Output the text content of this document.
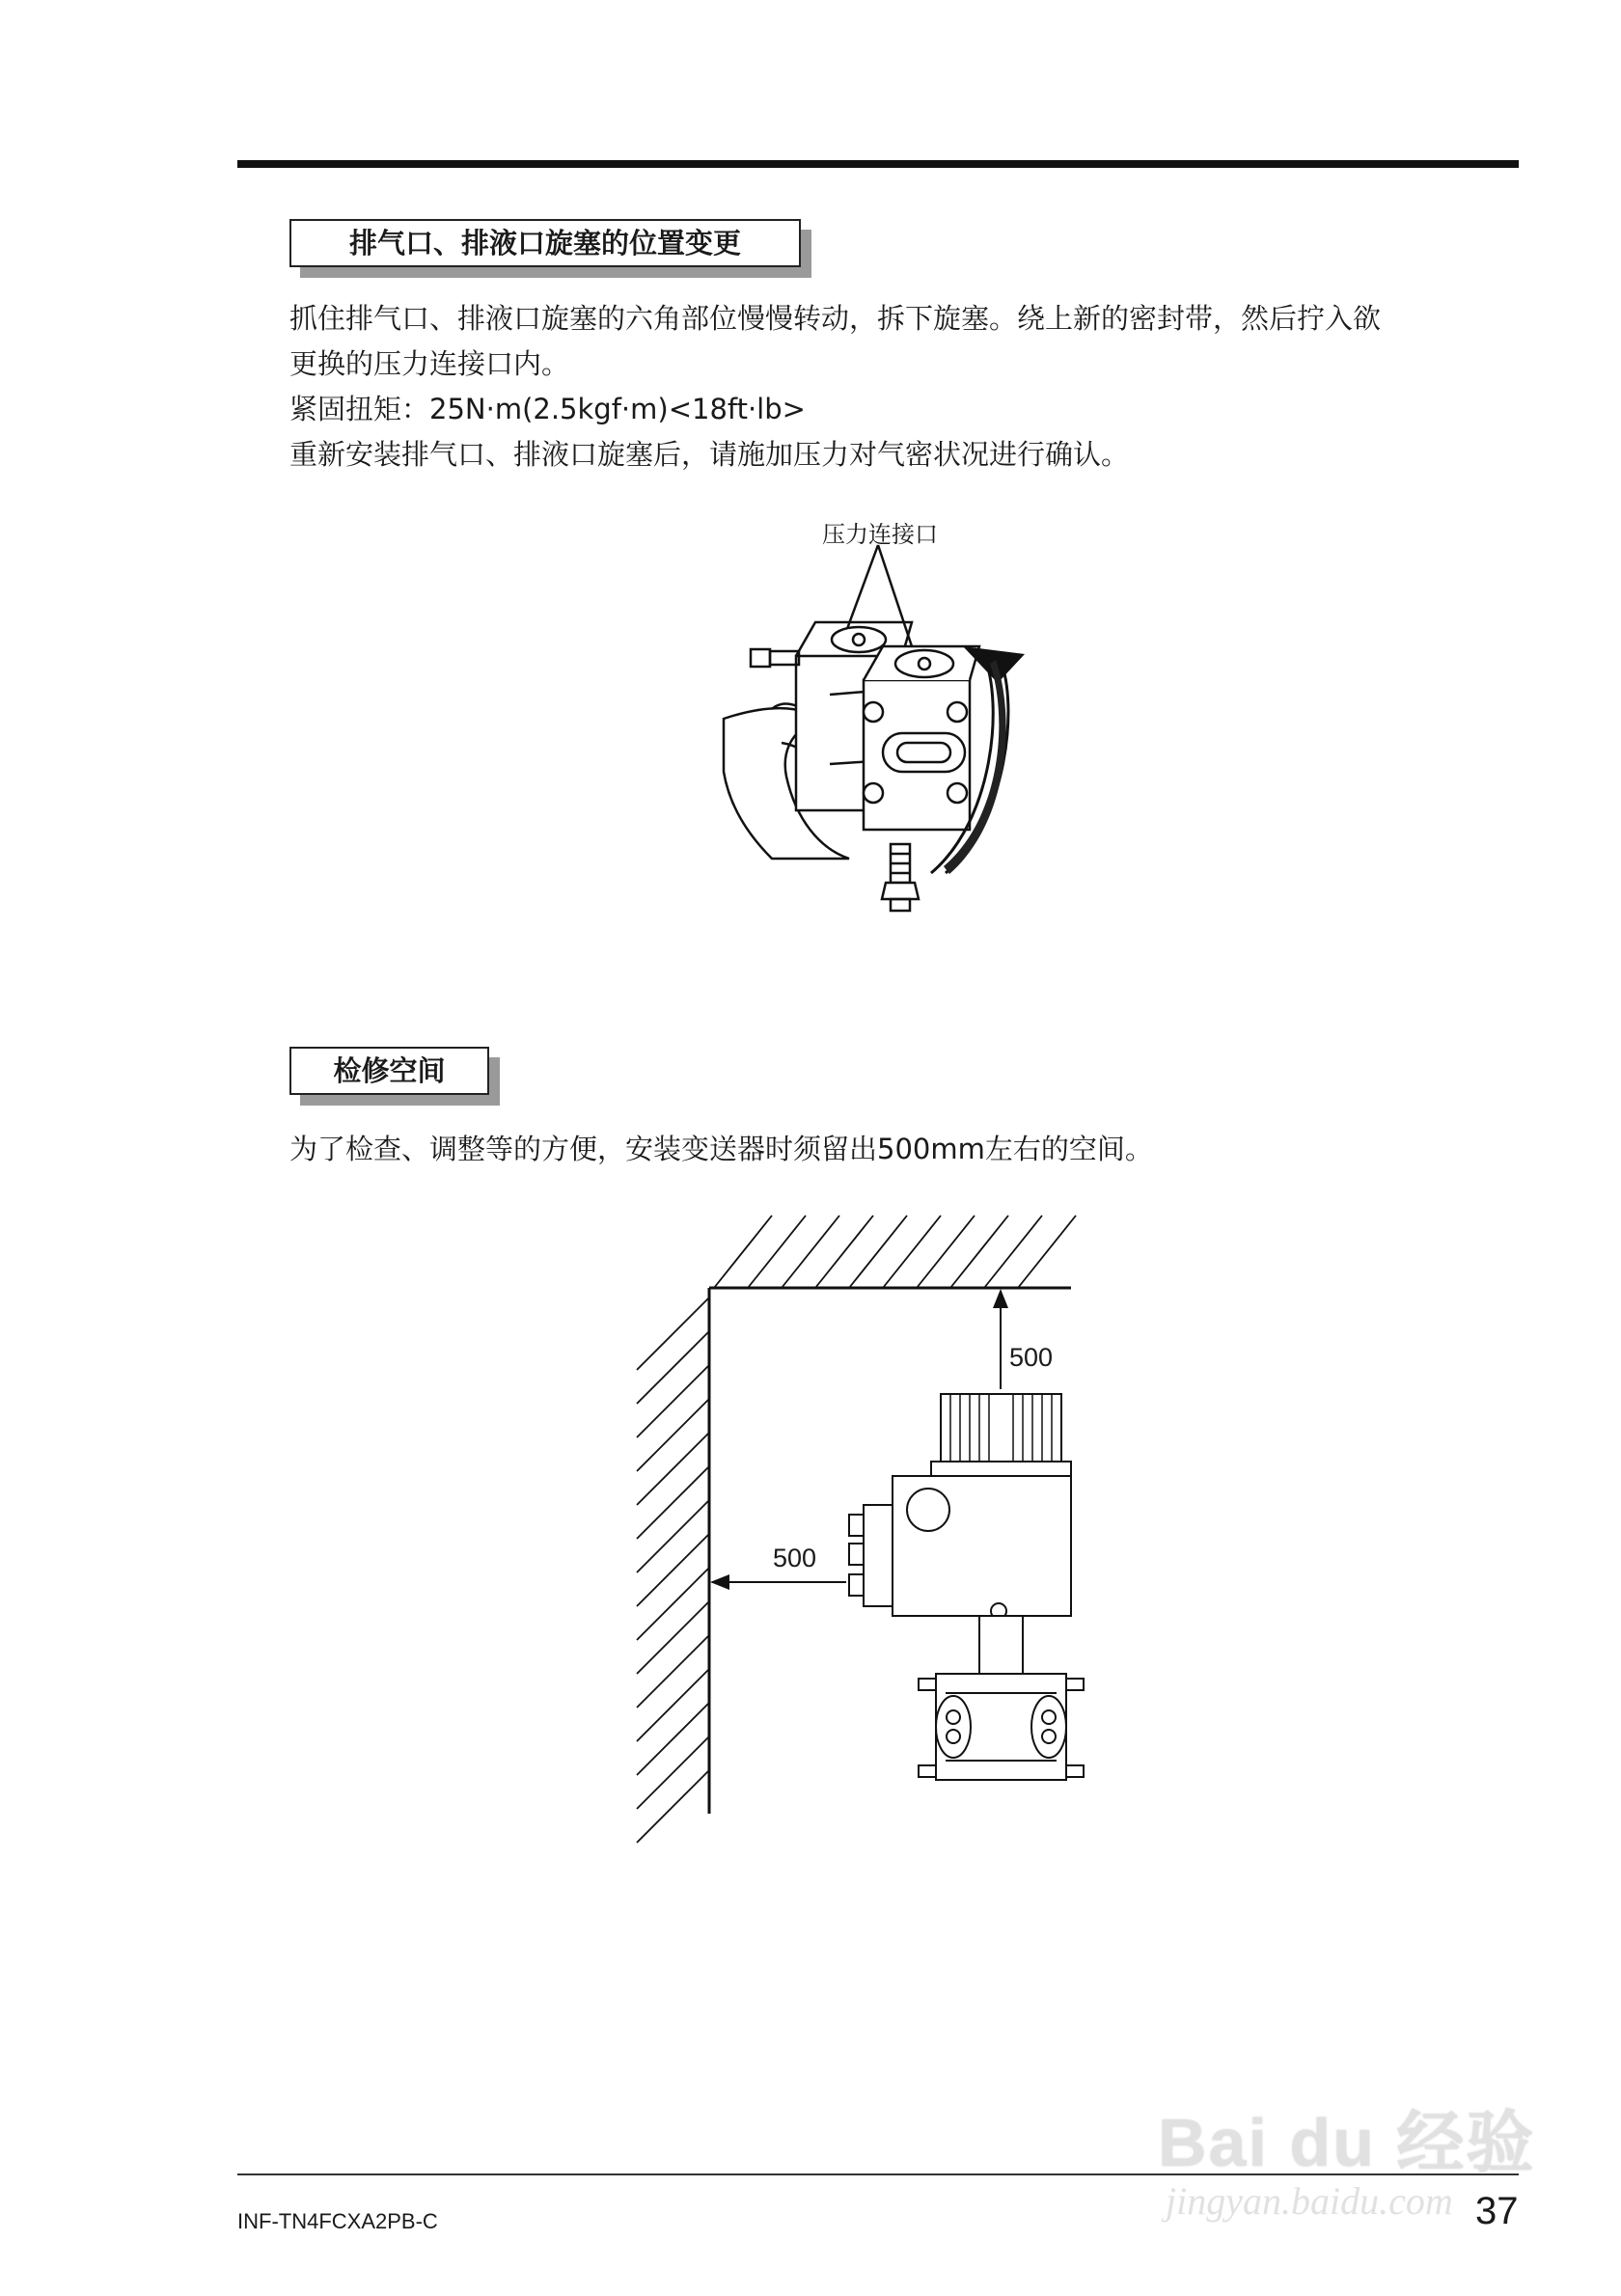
排气口、排液口旋塞的位置变更

抓住排气口、排液口旋塞的六角部位慢慢转动，拆下旋塞。绕上新的密封带，然后拧入欲

更换的压力连接口内。

紧固扭矩：25N·m(2.5kgf·m)<18ft·lb>

重新安装排气口、排液口旋塞后，请施加压力对气密状况进行确认。

压力连接口
检修空间

为了检查、调整等的方便，安装变送器时须留出500mm左右的空间。

500
500
INF-TN4FCXA2PB-C	37
Bai du 经验
jingyan.baidu.com
